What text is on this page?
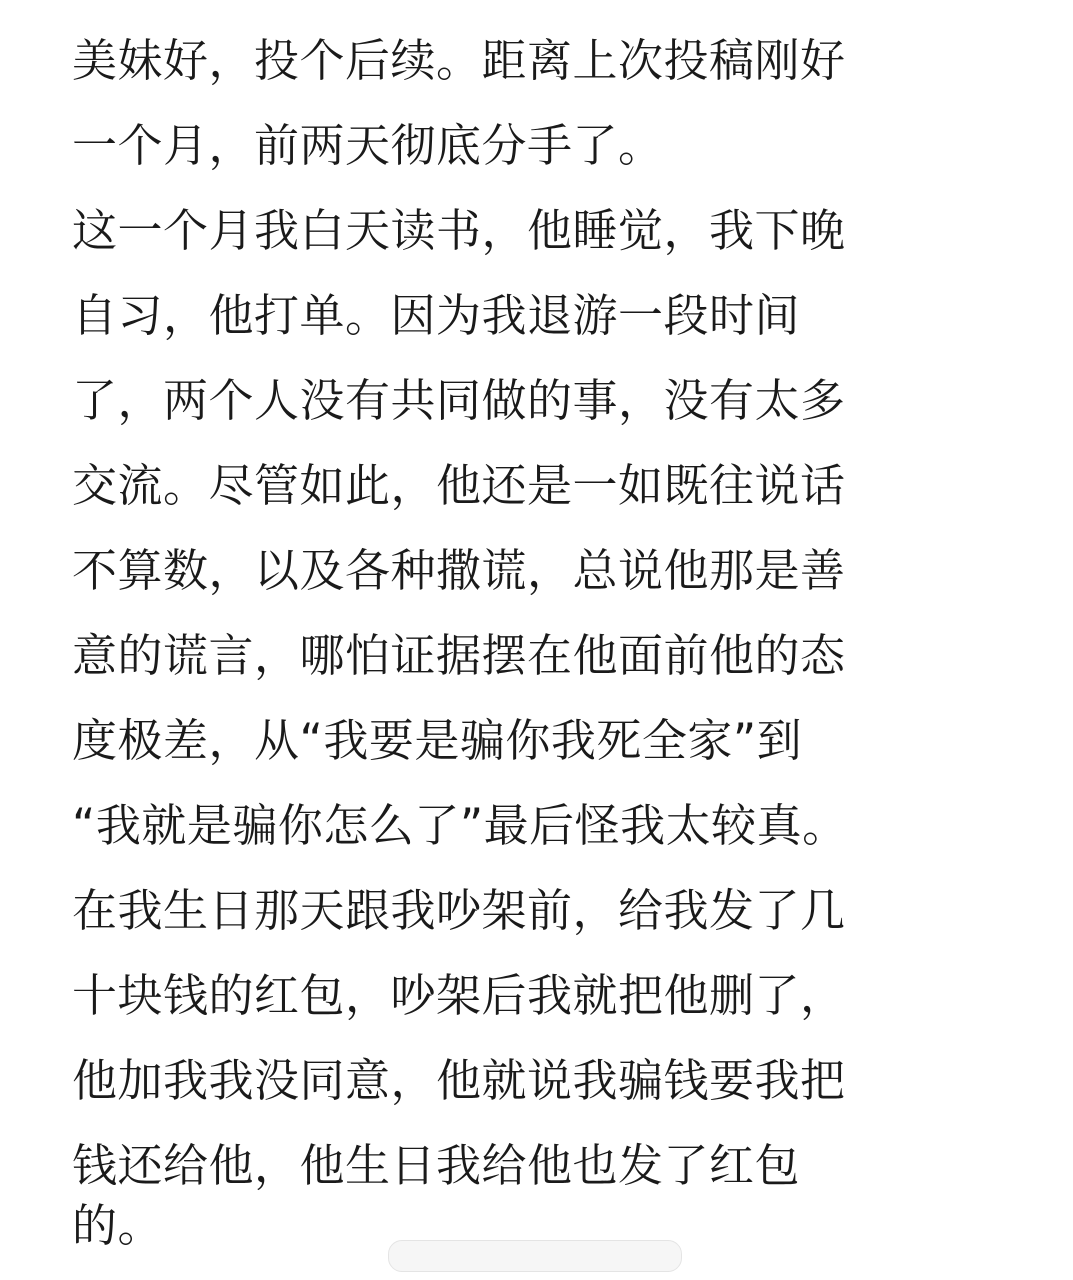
美妹好，投个后续。距离上次投稿刚好
一个月，前两天彻底分手了。
这一个月我白天读书，他睡觉，我下晚
自习，他打单。因为我退游一段时间
了，两个人没有共同做的事，没有太多
交流。尽管如此，他还是一如既往说话
不算数，以及各种撒谎，总说他那是善
意的谎言，哪怕证据摆在他面前他的态
度极差，从“我要是骗你我死全家”到
“我就是骗你怎么了”最后怪我太较真。
在我生日那天跟我吵架前，给我发了几
十块钱的红包，吵架后我就把他删了，
他加我我没同意，他就说我骗钱要我把
钱还给他，他生日我给他也发了红包
的。
